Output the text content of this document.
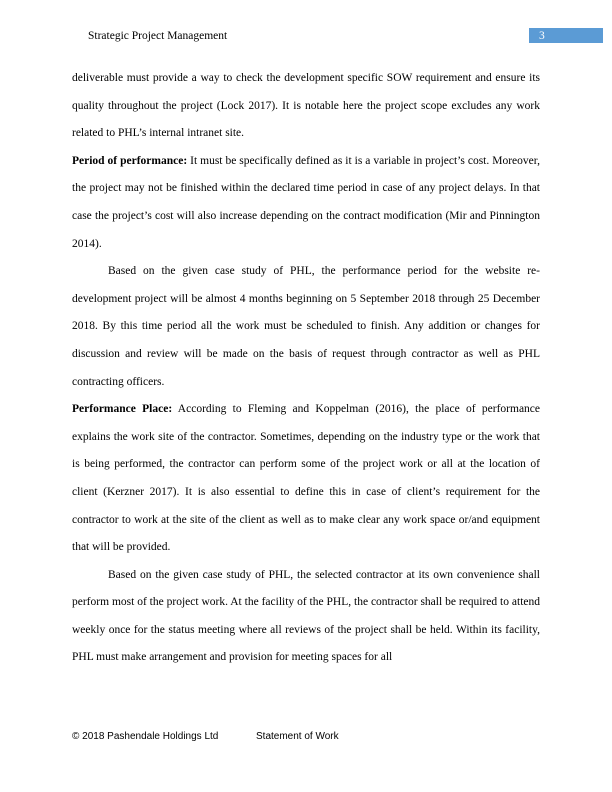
Strategic Project Management	3

deliverable must provide a way to check the development specific SOW requirement and ensure its quality throughout the project (Lock 2017). It is notable here the project scope excludes any work related to PHL’s internal intranet site.

Period of performance: It must be specifically defined as it is a variable in project’s cost. Moreover, the project may not be finished within the declared time period in case of any project delays. In that case the project’s cost will also increase depending on the contract modification (Mir and Pinnington 2014).

Based on the given case study of PHL, the performance period for the website re-development project will be almost 4 months beginning on 5 September 2018 through 25 December 2018. By this time period all the work must be scheduled to finish. Any addition or changes for discussion and review will be made on the basis of request through contractor as well as PHL contracting officers.

Performance Place: According to Fleming and Koppelman (2016), the place of performance explains the work site of the contractor. Sometimes, depending on the industry type or the work that is being performed, the contractor can perform some of the project work or all at the location of client (Kerzner 2017). It is also essential to define this in case of client’s requirement for the contractor to work at the site of the client as well as to make clear any work space or/and equipment that will be provided.

Based on the given case study of PHL, the selected contractor at its own convenience shall perform most of the project work. At the facility of the PHL, the contractor shall be required to attend weekly once for the status meeting where all reviews of the project shall be held. Within its facility, PHL must make arrangement and provision for meeting spaces for all

© 2018 Pashendale Holdings Ltd	Statement of Work
